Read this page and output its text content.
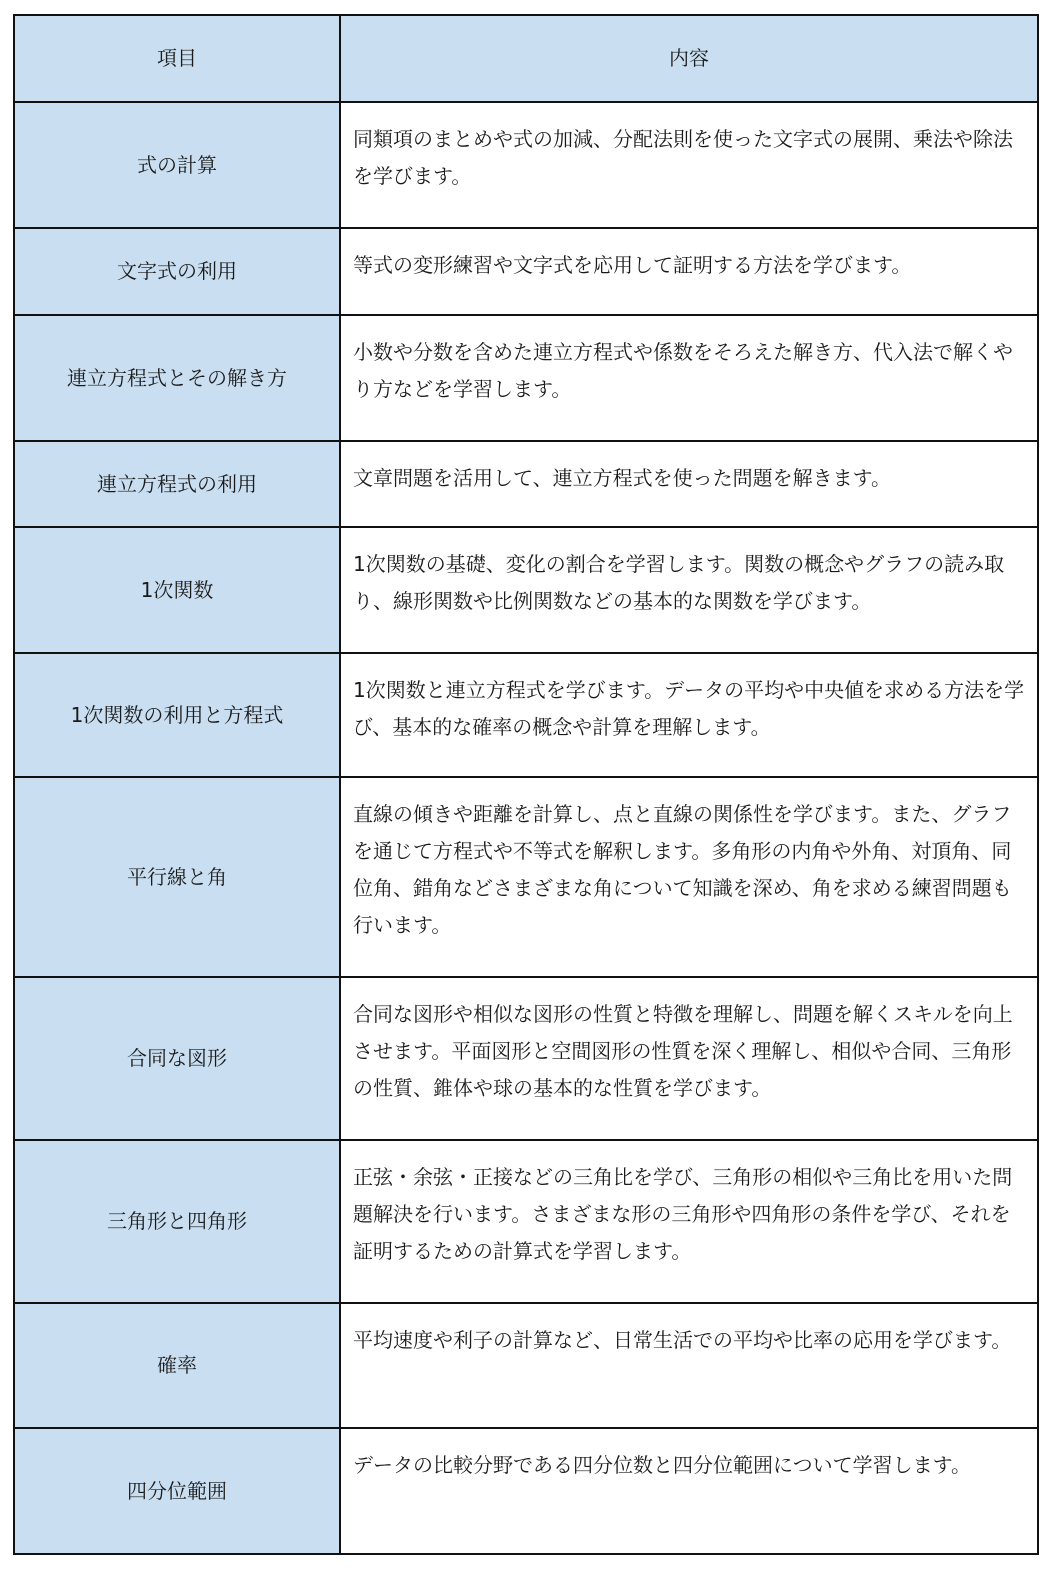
項目	内容
式の計算	同類項のまとめや式の加減、分配法則を使った文字式の展開、乗法や除法を学びます。
文字式の利用	等式の変形練習や文字式を応用して証明する方法を学びます。
連立方程式とその解き方	小数や分数を含めた連立方程式や係数をそろえた解き方、代入法で解くやり方などを学習します。
連立方程式の利用	文章問題を活用して、連立方程式を使った問題を解きます。
1次関数	1次関数の基礎、変化の割合を学習します。関数の概念やグラフの読み取り、線形関数や比例関数などの基本的な関数を学びます。
1次関数の利用と方程式	1次関数と連立方程式を学びます。データの平均や中央値を求める方法を学び、基本的な確率の概念や計算を理解します。
平行線と角	直線の傾きや距離を計算し、点と直線の関係性を学びます。また、グラフを通じて方程式や不等式を解釈します。多角形の内角や外角、対頂角、同位角、錯角などさまざまな角について知識を深め、角を求める練習問題も行います。
合同な図形	合同な図形や相似な図形の性質と特徴を理解し、問題を解くスキルを向上させます。平面図形と空間図形の性質を深く理解し、相似や合同、三角形の性質、錐体や球の基本的な性質を学びます。
三角形と四角形	正弦・余弦・正接などの三角比を学び、三角形の相似や三角比を用いた問題解決を行います。さまざまな形の三角形や四角形の条件を学び、それを証明するための計算式を学習します。
確率	平均速度や利子の計算など、日常生活での平均や比率の応用を学びます。
四分位範囲	データの比較分野である四分位数と四分位範囲について学習します。
